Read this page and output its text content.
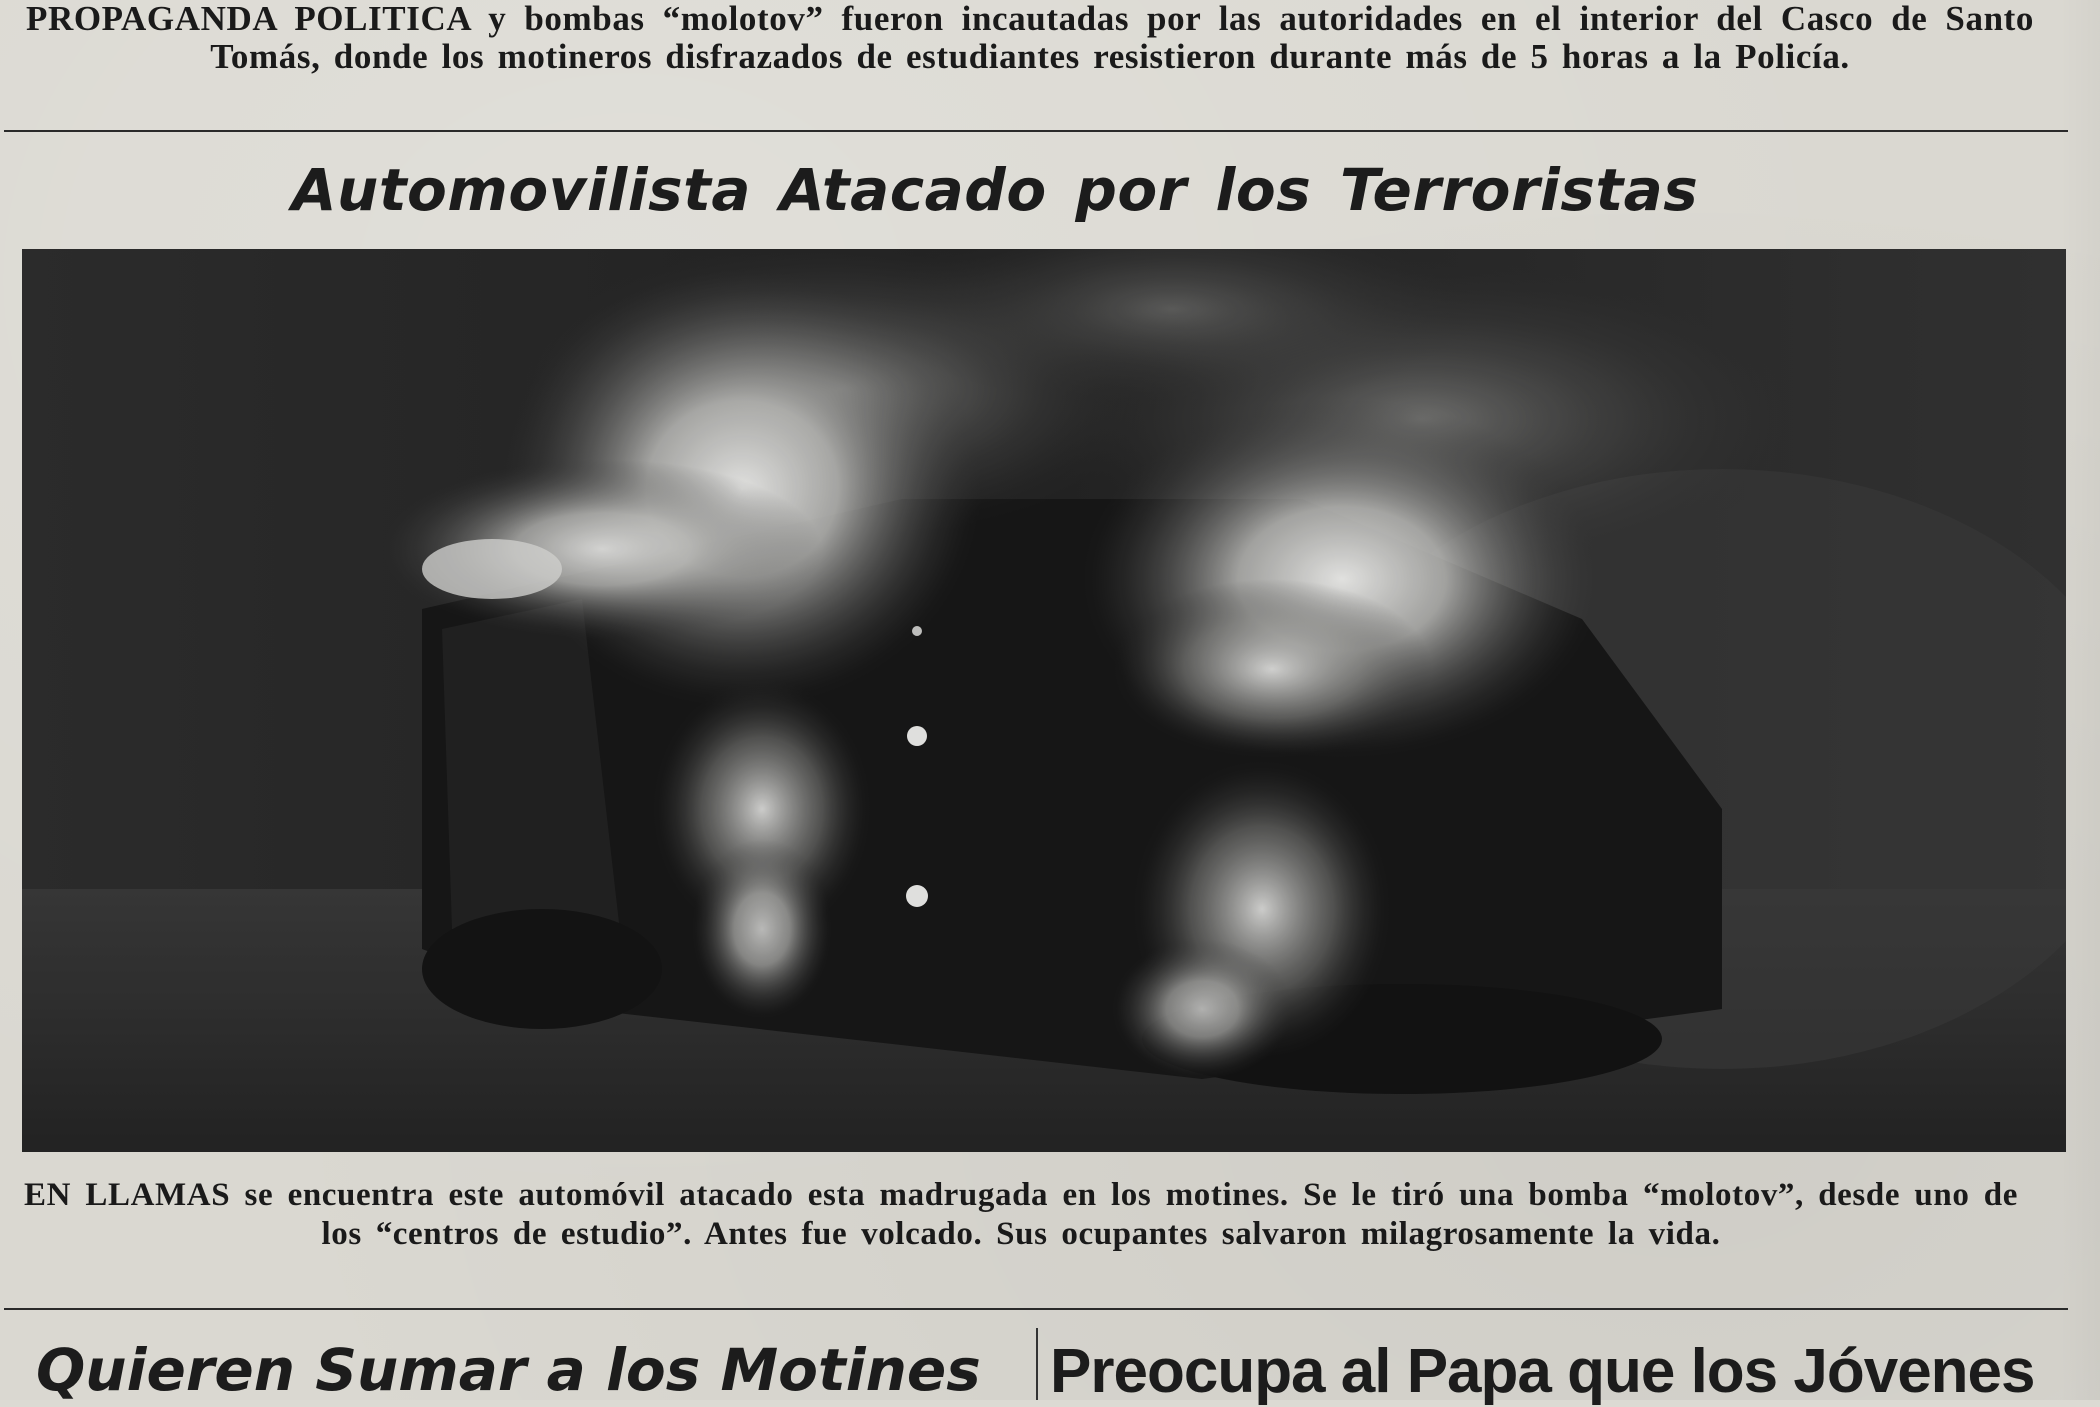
PROPAGANDA POLITICA y bombas “molotov” fueron incautadas por las autoridades en el interior del Casco de Santo Tomás, donde los motineros disfrazados de estudiantes resistieron durante más de 5 horas a la Policía.
Automovilista Atacado por los Terroristas
EN LLAMAS se encuentra este automóvil atacado esta madrugada en los motines. Se le tiró una bomba “molotov”, desde uno de los “centros de estudio”. Antes fue volcado. Sus ocupantes salvaron milagrosamente la vida.
Quieren Sumar a los Motines Preocupa al Papa que los Jóvenes
